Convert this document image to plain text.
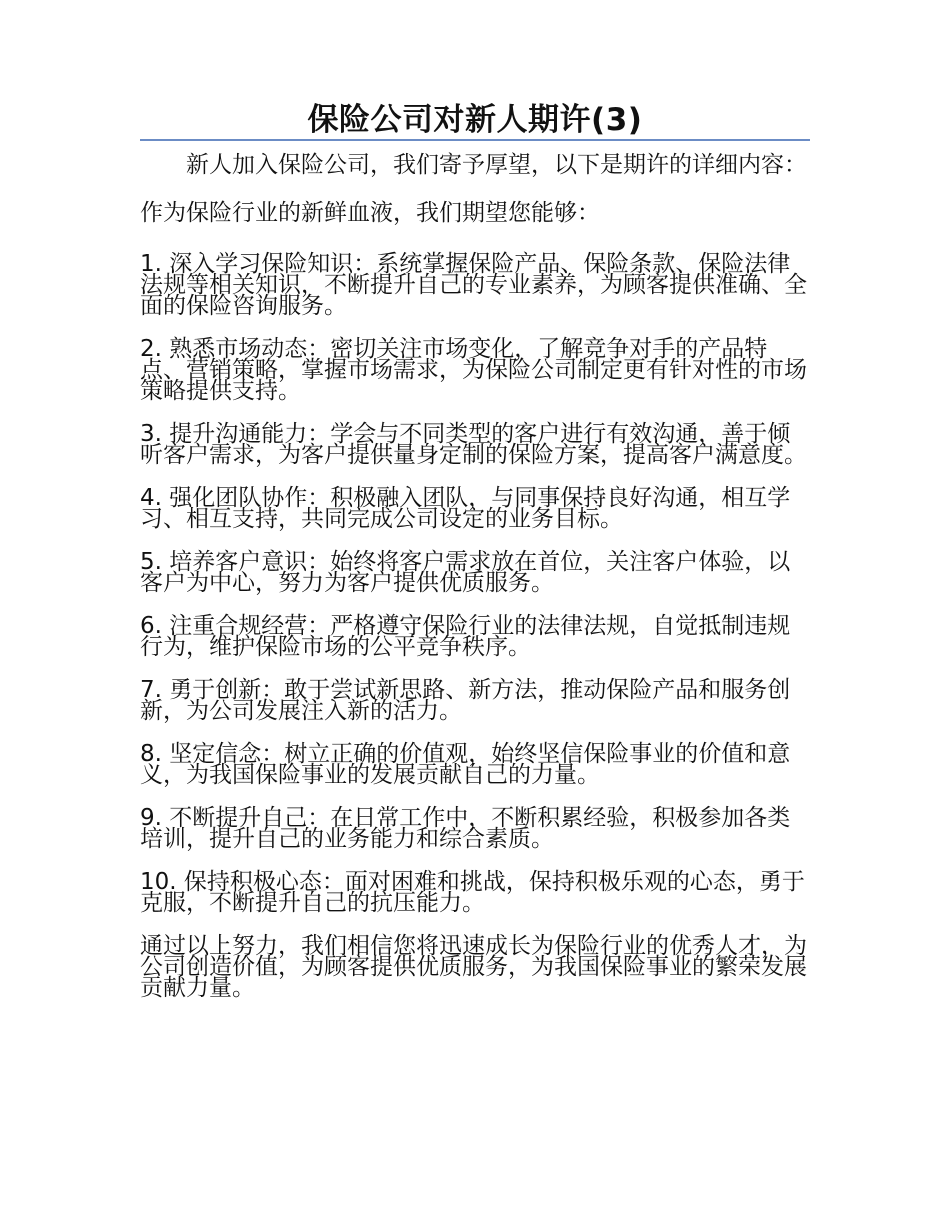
保险公司对新人期许(3)

新人加入保险公司，我们寄予厚望，以下是期许的详细内容：

作为保险行业的新鲜血液，我们期望您能够：

1. 深入学习保险知识：系统掌握保险产品、保险条款、保险法律法规等相关知识，不断提升自己的专业素养，为顾客提供准确、全面的保险咨询服务。

2. 熟悉市场动态：密切关注市场变化，了解竞争对手的产品特点、营销策略，掌握市场需求，为保险公司制定更有针对性的市场策略提供支持。

3. 提升沟通能力：学会与不同类型的客户进行有效沟通，善于倾听客户需求，为客户提供量身定制的保险方案，提高客户满意度。

4. 强化团队协作：积极融入团队，与同事保持良好沟通，相互学习、相互支持，共同完成公司设定的业务目标。

5. 培养客户意识：始终将客户需求放在首位，关注客户体验，以客户为中心，努力为客户提供优质服务。

6. 注重合规经营：严格遵守保险行业的法律法规，自觉抵制违规行为，维护保险市场的公平竞争秩序。

7. 勇于创新：敢于尝试新思路、新方法，推动保险产品和服务创新，为公司发展注入新的活力。

8. 坚定信念：树立正确的价值观，始终坚信保险事业的价值和意义，为我国保险事业的发展贡献自己的力量。

9. 不断提升自己：在日常工作中，不断积累经验，积极参加各类培训，提升自己的业务能力和综合素质。

10. 保持积极心态：面对困难和挑战，保持积极乐观的心态，勇于克服，不断提升自己的抗压能力。

通过以上努力，我们相信您将迅速成长为保险行业的优秀人才，为公司创造价值，为顾客提供优质服务，为我国保险事业的繁荣发展贡献力量。
